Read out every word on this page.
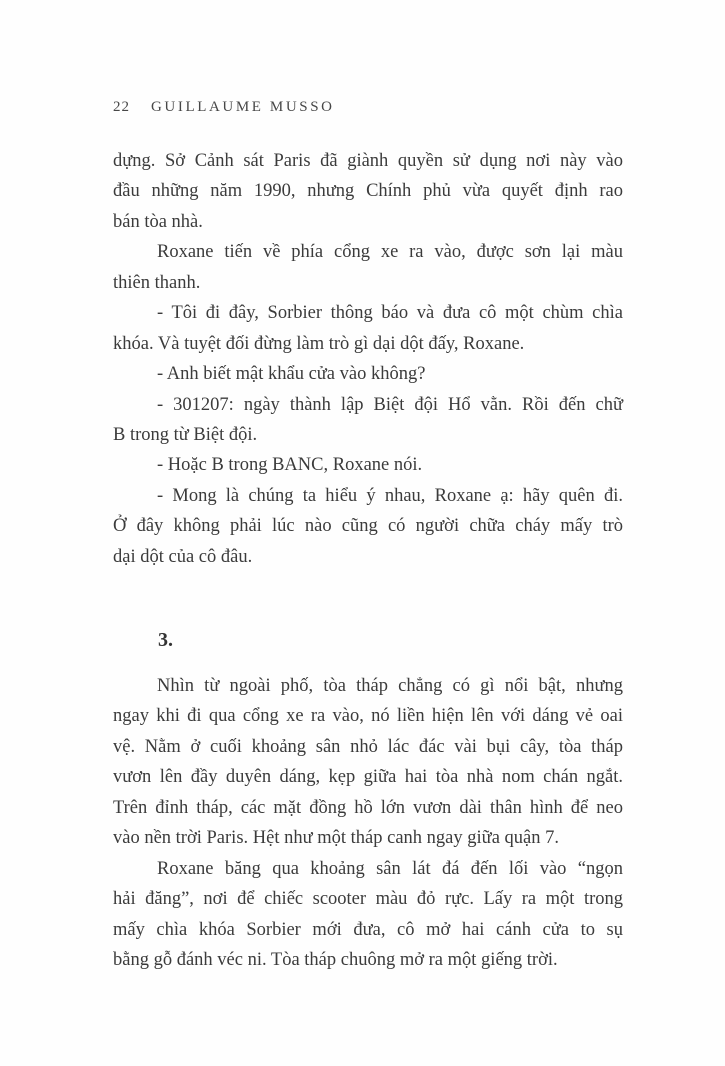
22 GUILLAUME MUSSO
dựng. Sở Cảnh sát Paris đã giành quyền sử dụng nơi này vào
đầu những năm 1990, nhưng Chính phủ vừa quyết định rao
bán tòa nhà.
Roxane tiến về phía cổng xe ra vào, được sơn lại màu
thiên thanh.
- Tôi đi đây, Sorbier thông báo và đưa cô một chùm chìa
khóa. Và tuyệt đối đừng làm trò gì dại dột đấy, Roxane.
- Anh biết mật khẩu cửa vào không?
- 301207: ngày thành lập Biệt đội Hổ vằn. Rồi đến chữ
B trong từ Biệt đội.
- Hoặc B trong BANC, Roxane nói.
- Mong là chúng ta hiểu ý nhau, Roxane ạ: hãy quên đi.
Ở đây không phải lúc nào cũng có người chữa cháy mấy trò
dại dột của cô đâu.
3.
Nhìn từ ngoài phố, tòa tháp chẳng có gì nổi bật, nhưng
ngay khi đi qua cổng xe ra vào, nó liền hiện lên với dáng vẻ oai
vệ. Nằm ở cuối khoảng sân nhỏ lác đác vài bụi cây, tòa tháp
vươn lên đầy duyên dáng, kẹp giữa hai tòa nhà nom chán ngắt.
Trên đỉnh tháp, các mặt đồng hồ lớn vươn dài thân hình để neo
vào nền trời Paris. Hệt như một tháp canh ngay giữa quận 7.
Roxane băng qua khoảng sân lát đá đến lối vào “ngọn
hải đăng”, nơi để chiếc scooter màu đỏ rực. Lấy ra một trong
mấy chìa khóa Sorbier mới đưa, cô mở hai cánh cửa to sụ
bằng gỗ đánh véc ni. Tòa tháp chuông mở ra một giếng trời.
